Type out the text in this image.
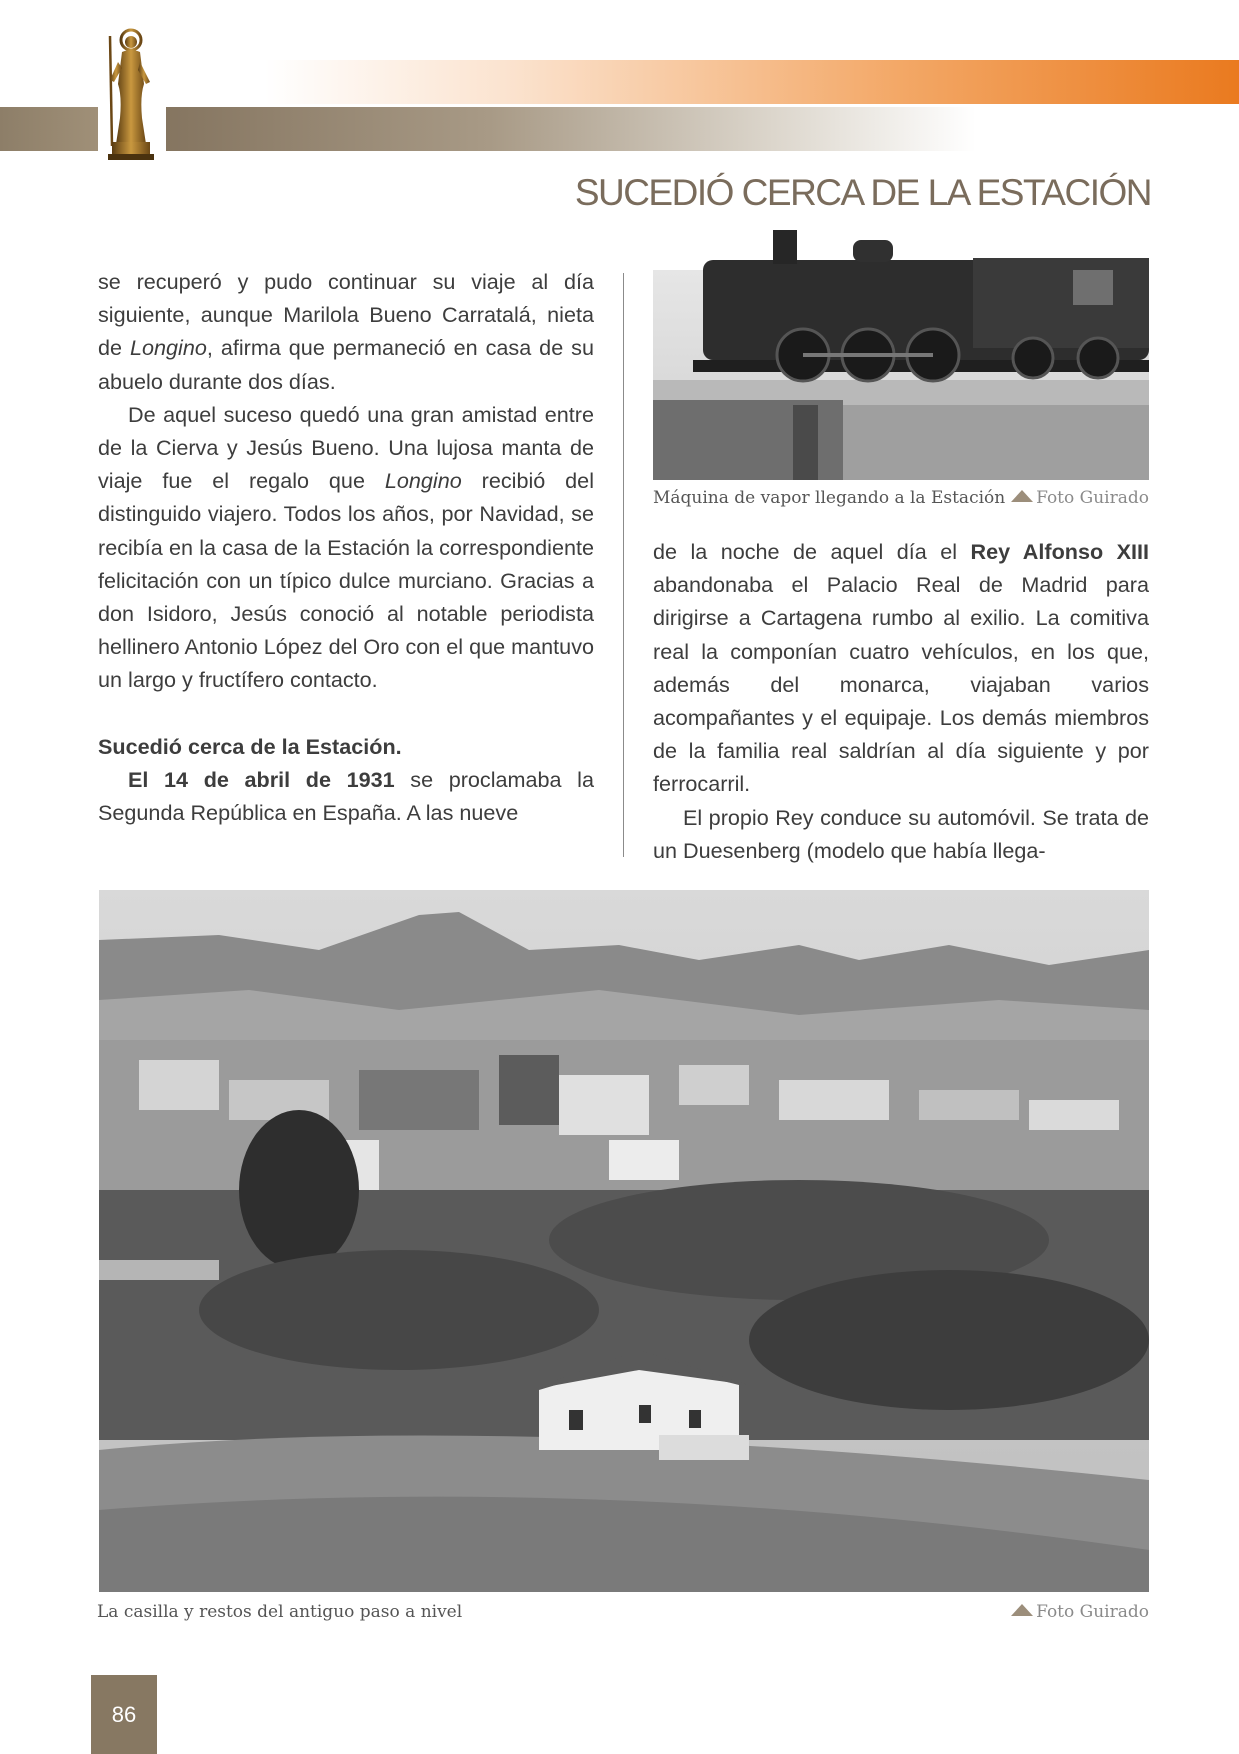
SUCEDIÓ CERCA DE LA ESTACIÓN

se recuperó y pudo continuar su viaje al día siguiente, aunque Marilola Bueno Carratalá, nieta de Longino, afirma que permaneció en casa de su abuelo durante dos días.

De aquel suceso quedó una gran amistad entre de la Cierva y Jesús Bueno. Una lujosa manta de viaje fue el regalo que Longino recibió del distinguido viajero. Todos los años, por Navidad, se recibía en la casa de la Estación la correspondiente felicitación con un típico dulce murciano. Gracias a don Isidoro, Jesús conoció al notable periodista hellinero Antonio López del Oro con el que mantuvo un largo y fructífero contacto.

Sucedió cerca de la Estación.

El 14 de abril de 1931 se proclamaba la Segunda República en España. A las nueve

Máquina de vapor llegando a la Estación	Foto Guirado

de la noche de aquel día el Rey Alfonso XIII abandonaba el Palacio Real de Madrid para dirigirse a Cartagena rumbo al exilio. La comitiva real la componían cuatro vehículos, en los que, además del monarca, viajaban varios acompañantes y el equipaje. Los demás miembros de la familia real saldrían al día siguiente y por ferrocarril.

El propio Rey conduce su automóvil. Se trata de un Duesenberg (modelo que había llega-

La casilla y restos del antiguo paso a nivel	Foto Guirado
86
